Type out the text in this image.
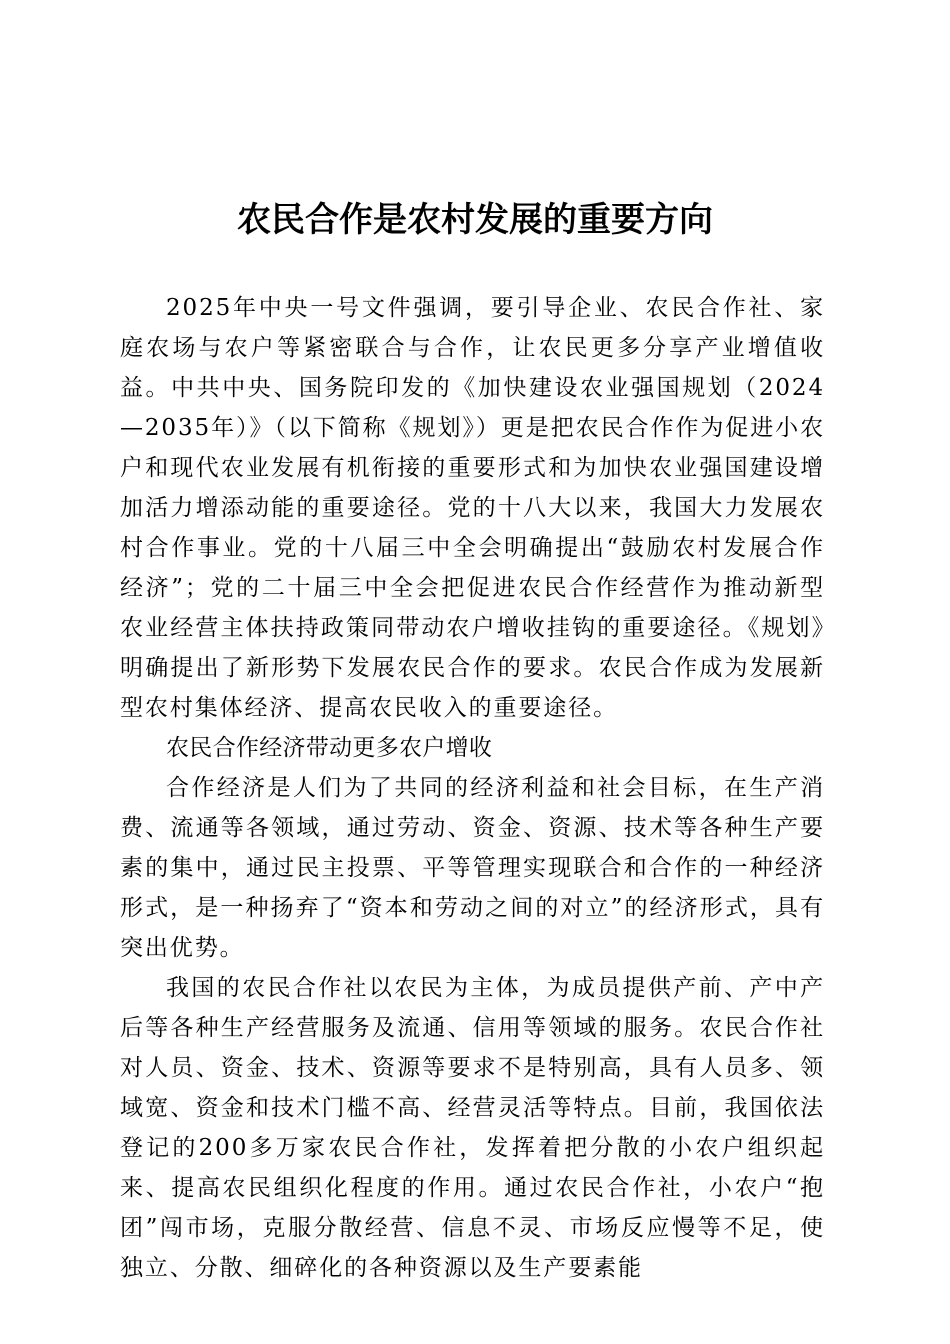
农民合作是农村发展的重要方向

2025年中央一号文件强调，要引导企业、农民合作社、家庭农场与农户等紧密联合与合作，让农民更多分享产业增值收益。中共中央、国务院印发的《加快建设农业强国规划（2024—2035年）》（以下简称《规划》）更是把农民合作作为促进小农户和现代农业发展有机衔接的重要形式和为加快农业强国建设增加活力增添动能的重要途径。党的十八大以来，我国大力发展农村合作事业。党的十八届三中全会明确提出“鼓励农村发展合作经济”；党的二十届三中全会把促进农民合作经营作为推动新型农业经营主体扶持政策同带动农户增收挂钩的重要途径。《规划》明确提出了新形势下发展农民合作的要求。农民合作成为发展新型农村集体经济、提高农民收入的重要途径。

农民合作经济带动更多农户增收

合作经济是人们为了共同的经济利益和社会目标，在生产消费、流通等各领域，通过劳动、资金、资源、技术等各种生产要素的集中，通过民主投票、平等管理实现联合和合作的一种经济形式，是一种扬弃了“资本和劳动之间的对立”的经济形式，具有突出优势。

我国的农民合作社以农民为主体，为成员提供产前、产中产后等各种生产经营服务及流通、信用等领域的服务。农民合作社对人员、资金、技术、资源等要求不是特别高，具有人员多、领域宽、资金和技术门槛不高、经营灵活等特点。目前，我国依法登记的200多万家农民合作社，发挥着把分散的小农户组织起来、提高农民组织化程度的作用。通过农民合作社，小农户“抱团”闯市场，克服分散经营、信息不灵、市场反应慢等不足，使独立、分散、细碎化的各种资源以及生产要素能
